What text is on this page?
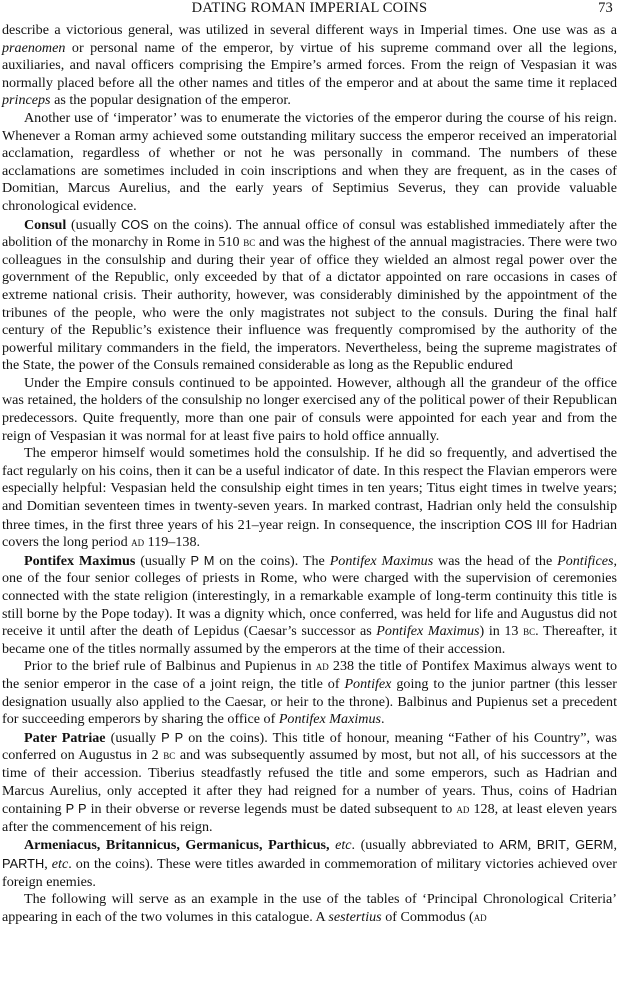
DATING ROMAN IMPERIAL COINS	73

describe a victorious general, was utilized in several different ways in Imperial times. One use was as a praenomen or personal name of the emperor, by virtue of his supreme command over all the legions, auxiliaries, and naval officers comprising the Empire’s armed forces. From the reign of Vespasian it was normally placed before all the other names and titles of the emperor and at about the same time it replaced princeps as the popular designation of the emperor.

Another use of ‘imperator’ was to enumerate the victories of the emperor during the course of his reign. Whenever a Roman army achieved some outstanding military success the emperor received an imperatorial acclamation, regardless of whether or not he was personally in command. The numbers of these acclamations are sometimes included in coin inscriptions and when they are frequent, as in the cases of Domitian, Marcus Aurelius, and the early years of Septimius Severus, they can provide valuable chronological evidence.

Consul (usually COS on the coins). The annual office of consul was established immediately after the abolition of the monarchy in Rome in 510 bc and was the highest of the annual magistracies. There were two colleagues in the consulship and during their year of office they wielded an almost regal power over the government of the Republic, only exceeded by that of a dictator appointed on rare occasions in cases of extreme national crisis. Their authority, however, was considerably diminished by the appointment of the tribunes of the people, who were the only magistrates not subject to the consuls. During the final half century of the Republic’s existence their influence was frequently compromised by the authority of the powerful military commanders in the field, the imperators. Nevertheless, being the supreme magistrates of the State, the power of the Consuls remained considerable as long as the Republic endured

Under the Empire consuls continued to be appointed. However, although all the grandeur of the office was retained, the holders of the consulship no longer exercised any of the political power of their Republican predecessors. Quite frequently, more than one pair of consuls were appointed for each year and from the reign of Vespasian it was normal for at least five pairs to hold office annually.

The emperor himself would sometimes hold the consulship. If he did so frequently, and advertised the fact regularly on his coins, then it can be a useful indicator of date. In this respect the Flavian emperors were especially helpful: Vespasian held the consulship eight times in ten years; Titus eight times in twelve years; and Domitian seventeen times in twenty-seven years. In marked contrast, Hadrian only held the consulship three times, in the first three years of his 21–year reign. In consequence, the inscription COS III for Hadrian covers the long period ad 119–138.

Pontifex Maximus (usually P M on the coins). The Pontifex Maximus was the head of the Pontifices, one of the four senior colleges of priests in Rome, who were charged with the supervision of ceremonies connected with the state religion (interestingly, in a remarkable example of long-term continuity this title is still borne by the Pope today). It was a dignity which, once conferred, was held for life and Augustus did not receive it until after the death of Lepidus (Caesar’s successor as Pontifex Maximus) in 13 bc. Thereafter, it became one of the titles normally assumed by the emperors at the time of their accession.

Prior to the brief rule of Balbinus and Pupienus in ad 238 the title of Pontifex Maximus always went to the senior emperor in the case of a joint reign, the title of Pontifex going to the junior partner (this lesser designation usually also applied to the Caesar, or heir to the throne). Balbinus and Pupienus set a precedent for succeeding emperors by sharing the office of Pontifex Maximus.

Pater Patriae (usually P P on the coins). This title of honour, meaning “Father of his Country”, was conferred on Augustus in 2 bc and was subsequently assumed by most, but not all, of his successors at the time of their accession. Tiberius steadfastly refused the title and some emperors, such as Hadrian and Marcus Aurelius, only accepted it after they had reigned for a number of years. Thus, coins of Hadrian containing P P in their obverse or reverse legends must be dated subsequent to ad 128, at least eleven years after the commencement of his reign.

Armeniacus, Britannicus, Germanicus, Parthicus, etc. (usually abbreviated to ARM, BRIT, GERM, PARTH, etc. on the coins). These were titles awarded in commemoration of military victories achieved over foreign enemies.

The following will serve as an example in the use of the tables of ‘Principal Chronological Criteria’ appearing in each of the two volumes in this catalogue. A sestertius of Commodus (ad
